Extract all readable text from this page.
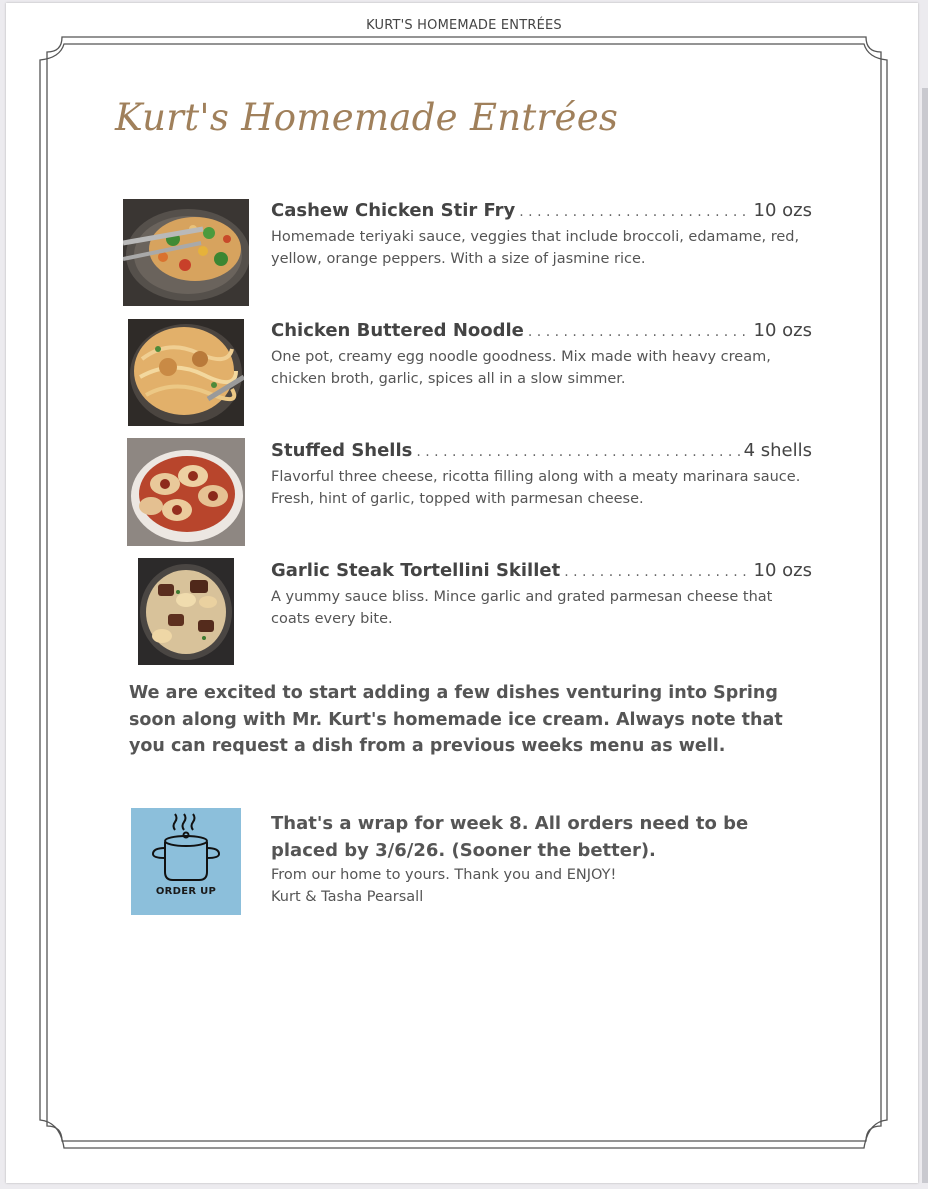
KURT'S HOMEMADE ENTRÉES
Kurt's Homemade Entrées
Cashew Chicken Stir Fry . . .	10 ozs
Homemade teriyaki sauce, veggies that include broccoli, edamame, red, yellow, orange peppers. With a size of jasmine rice.
Chicken Buttered Noodle . . .	10 ozs
One pot, creamy egg noodle goodness. Mix made with heavy cream, chicken broth, garlic, spices all in a slow simmer.
Stuffed Shells . . .	4 shells
Flavorful three cheese, ricotta filling along with a meaty marinara sauce. Fresh, hint of garlic, topped with parmesan cheese.
Garlic Steak Tortellini Skillet . . .	10 ozs
A yummy sauce bliss. Mince garlic and grated parmesan cheese that coats every bite.
We are excited to start adding a few dishes venturing into Spring soon along with Mr. Kurt's homemade ice cream. Always note that you can request a dish from a previous weeks menu as well.
ORDER UP
That's a wrap for week 8. All orders need to be placed by 3/6/26. (Sooner the better).
From our home to yours. Thank you and ENJOY!
Kurt & Tasha Pearsall
